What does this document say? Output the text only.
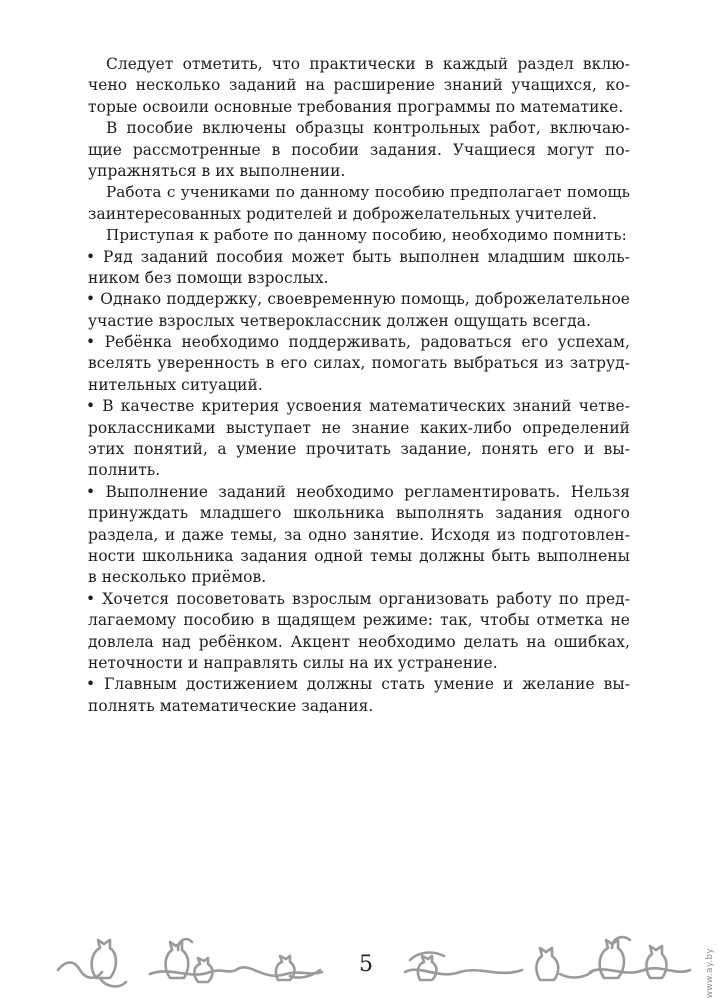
Следует отметить, что практически в каждый раздел вклю-
чено несколько заданий на расширение знаний учащихся, ко-
торые освоили основные требования программы по математике.
В пособие включены образцы контрольных работ, включаю-
щие рассмотренные в пособии задания. Учащиеся могут по-
упражняться в их выполнении.
Работа с учениками по данному пособию предполагает помощь
заинтересованных родителей и доброжелательных учителей.
Приступая к работе по данному пособию, необходимо помнить:
• Ряд заданий пособия может быть выполнен младшим школь-
ником без помощи взрослых.
• Однако поддержку, своевременную помощь, доброжелательное
участие взрослых четвероклассник должен ощущать всегда.
• Ребёнка необходимо поддерживать, радоваться его успехам,
вселять уверенность в его силах, помогать выбраться из затруд-
нительных ситуаций.
• В качестве критерия усвоения математических знаний четве-
роклассниками выступает не знание каких-либо определений
этих понятий, а умение прочитать задание, понять его и вы-
полнить.
• Выполнение заданий необходимо регламентировать. Нельзя
принуждать младшего школьника выполнять задания одного
раздела, и даже темы, за одно занятие. Исходя из подготовлен-
ности школьника задания одной темы должны быть выполнены
в несколько приёмов.
• Хочется посоветовать взрослым организовать работу по пред-
лагаемому пособию в щадящем режиме: так, чтобы отметка не
довлела над ребёнком. Акцент необходимо делать на ошибках,
неточности и направлять силы на их устранение.
• Главным достижением должны стать умение и желание вы-
полнять математические задания.
5	www.ay.by
